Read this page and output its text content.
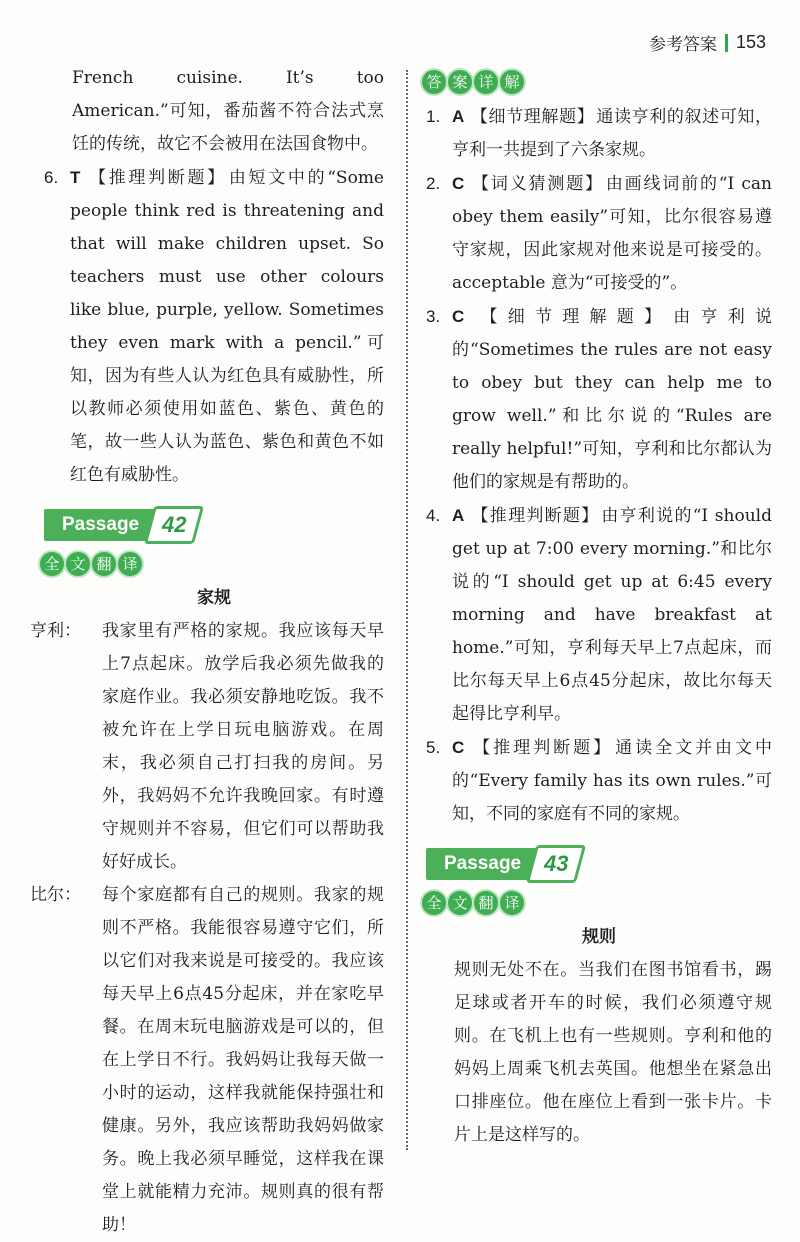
参考答案 153

French cuisine. It’s too American.”可知，番茄酱不符合法式烹饪的传统，故它不会被用在法国食物中。

6. T 【推理判断题】 由短文中的“Some people think red is threatening and that will make children upset. So teachers must use other colours like blue, purple, yellow. Sometimes they even mark with a pencil.”可知，因为有些人认为红色具有威胁性，所以教师必须使用如蓝色、紫色、黄色的笔，故一些人认为蓝色、紫色和黄色不如红色有威胁性。
Passage	42
全 文 翻 译

家规

亨利： 我家里有严格的家规。我应该每天早上7点起床。放学后我必须先做我的家庭作业。我必须安静地吃饭。我不被允许在上学日玩电脑游戏。在周末，我必须自己打扫我的房间。另外，我妈妈不允许我晚回家。有时遵守规则并不容易，但它们可以帮助我好好成长。
比尔： 每个家庭都有自己的规则。我家的规则不严格。我能很容易遵守它们，所以它们对我来说是可接受的。我应该每天早上6点45分起床，并在家吃早餐。在周末玩电脑游戏是可以的，但在上学日不行。我妈妈让我每天做一小时的运动，这样我就能保持强壮和健康。另外，我应该帮助我妈妈做家务。晚上我必须早睡觉，这样我在课堂上就能精力充沛。规则真的很有帮助！
答 案 详 解
1. A 【细节理解题】 通读亨利的叙述可知，亨利一共提到了六条家规。
2. C 【词义猜测题】 由画线词前的“I can obey them easily”可知，比尔很容易遵守家规，因此家规对他来说是可接受的。acceptable 意为“可接受的”。
3. C 【细节理解题】 由亨利说的“Sometimes the rules are not easy to obey but they can help me to grow well.”和比尔说的“Rules are really helpful!”可知，亨利和比尔都认为他们的家规是有帮助的。
4. A 【推理判断题】 由亨利说的“I should get up at 7:00 every morning.”和比尔说的“I should get up at 6:45 every morning and have breakfast at home.”可知，亨利每天早上7点起床，而比尔每天早上6点45分起床，故比尔每天起得比亨利早。
5. C 【推理判断题】 通读全文并由文中的“Every family has its own rules.”可知，不同的家庭有不同的家规。
Passage	43
全 文 翻 译

规则

规则无处不在。当我们在图书馆看书，踢足球或者开车的时候，我们必须遵守规则。在飞机上也有一些规则。亨利和他的妈妈上周乘飞机去英国。他想坐在紧急出口排座位。他在座位上看到一张卡片。卡片上是这样写的。
